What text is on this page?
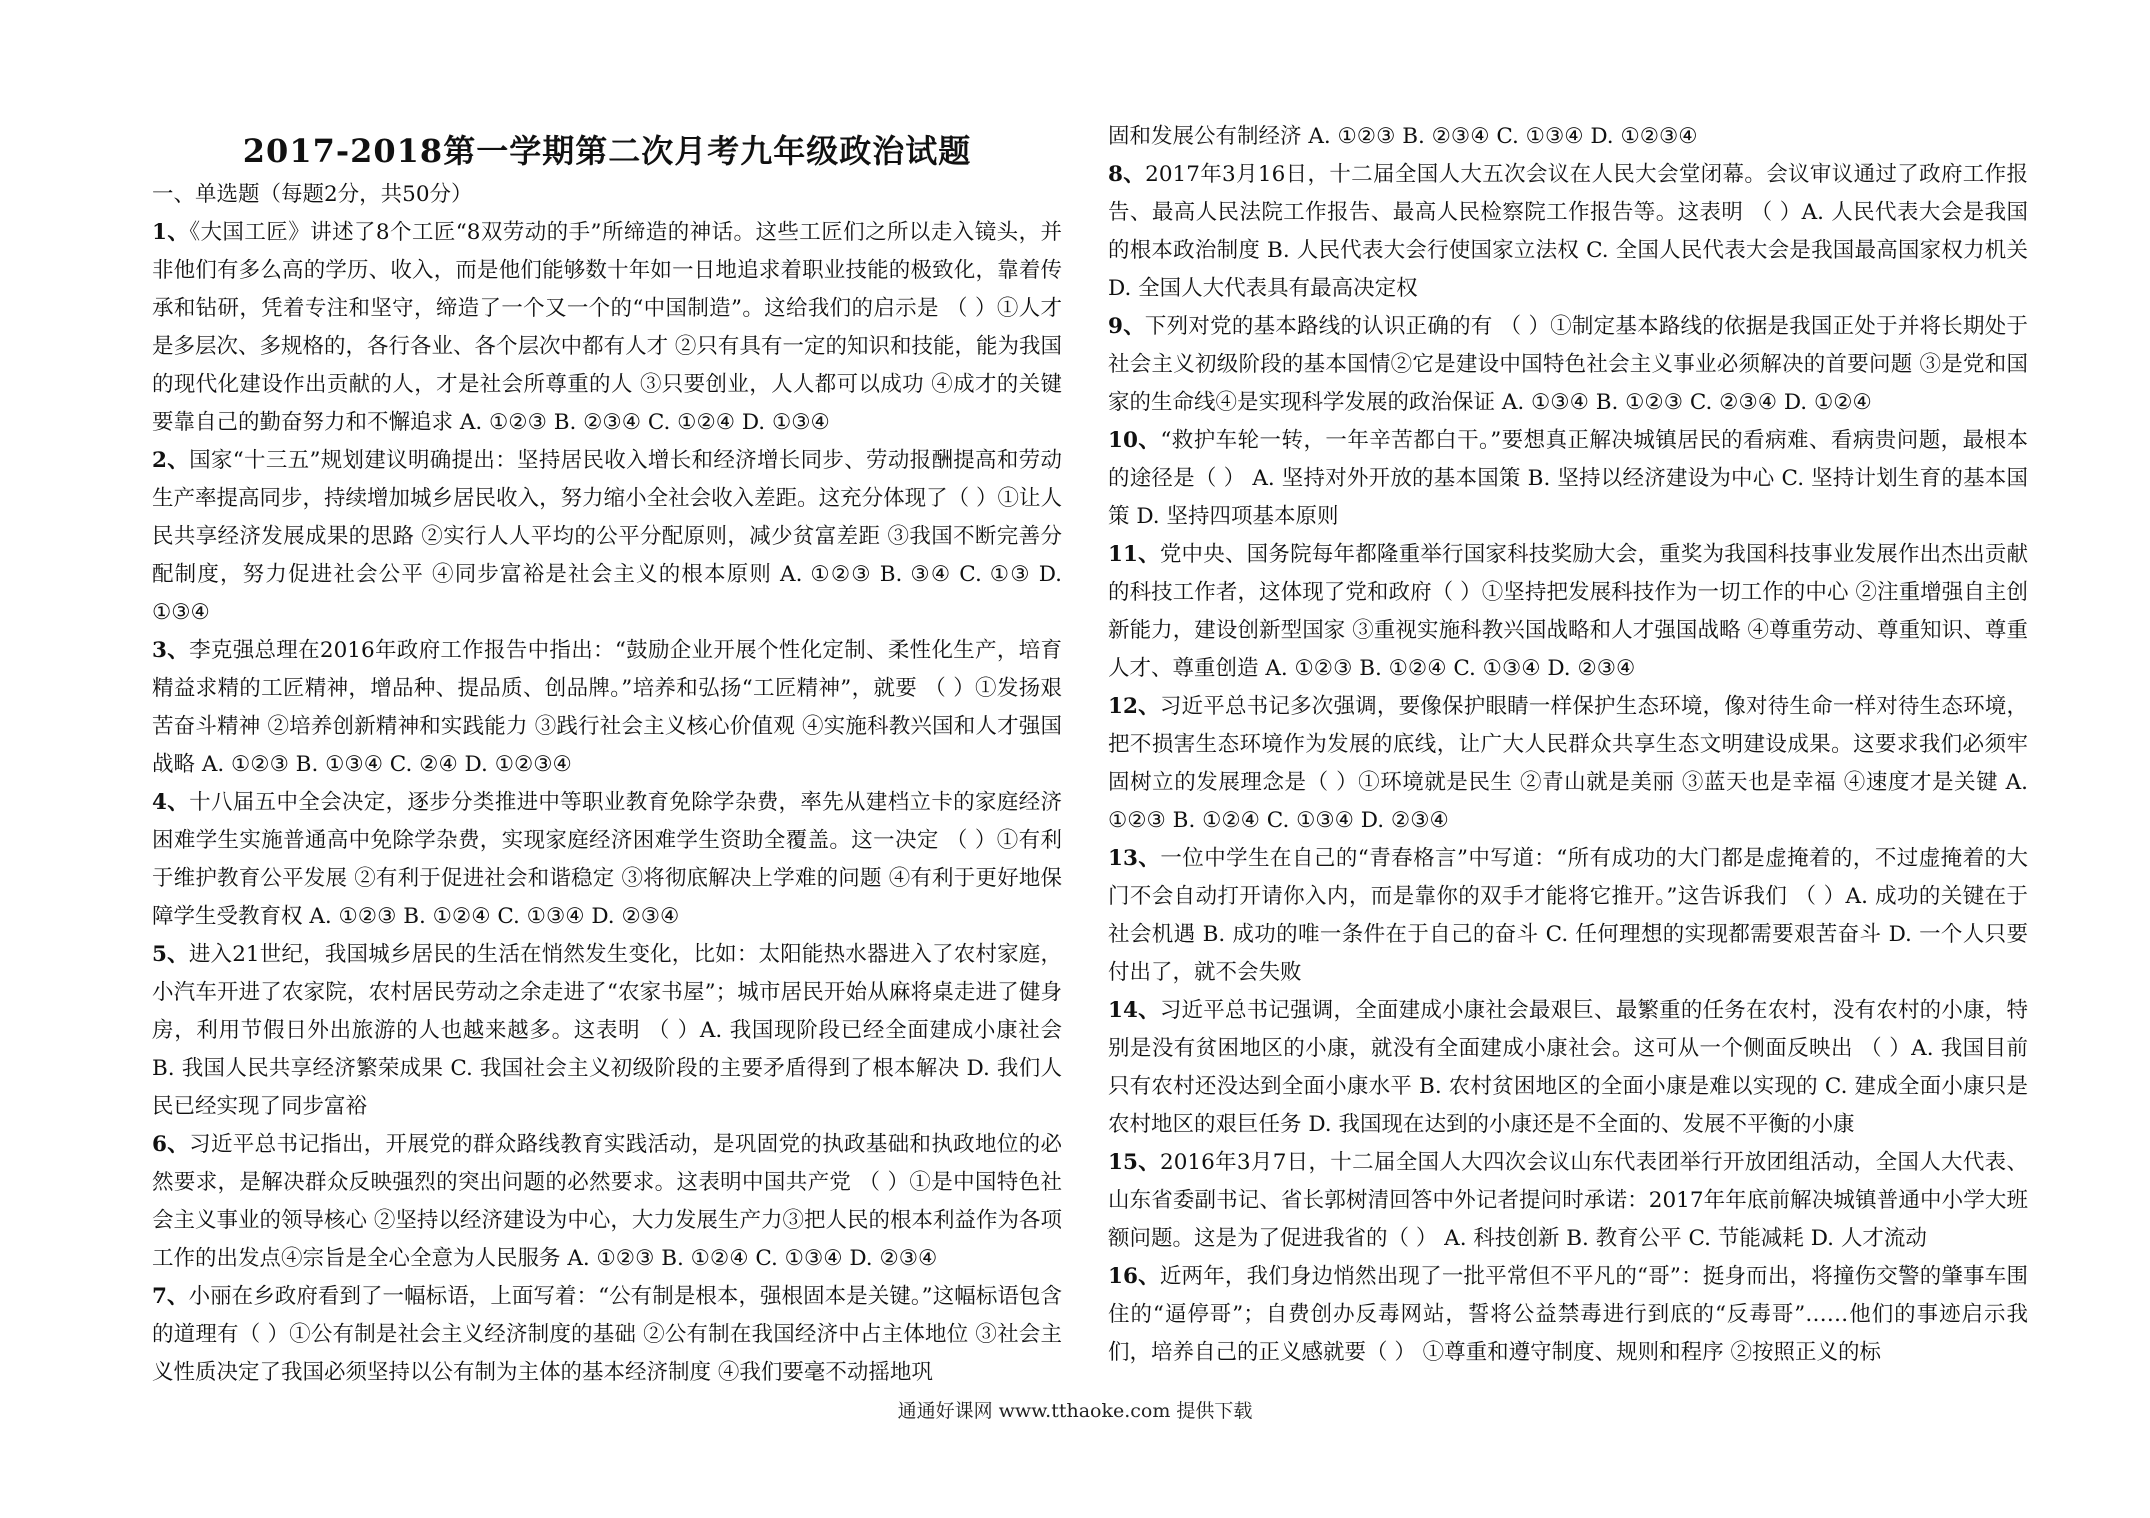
2017-2018第一学期第二次月考九年级政治试题
一、单选题（每题2分，共50分）

1、《大国工匠》讲述了8个工匠“8双劳动的手”所缔造的神话。这些工匠们之所以走入镜头，并非他们有多么高的学历、收入，而是他们能够数十年如一日地追求着职业技能的极致化，靠着传承和钻研，凭着专注和坚守，缔造了一个又一个的“中国制造”。这给我们的启示是 （ ）①人才是多层次、多规格的，各行各业、各个层次中都有人才 ②只有具有一定的知识和技能，能为我国的现代化建设作出贡献的人，才是社会所尊重的人 ③只要创业，人人都可以成功 ④成才的关键要靠自己的勤奋努力和不懈追求 A. ①②③ B. ②③④ C. ①②④ D. ①③④

2、国家“十三五”规划建议明确提出：坚持居民收入增长和经济增长同步、劳动报酬提高和劳动生产率提高同步，持续增加城乡居民收入，努力缩小全社会收入差距。这充分体现了（ ）①让人民共享经济发展成果的思路 ②实行人人平均的公平分配原则，减少贫富差距 ③我国不断完善分配制度，努力促进社会公平 ④同步富裕是社会主义的根本原则 A. ①②③ B. ③④ C. ①③ D. ①③④

3、李克强总理在2016年政府工作报告中指出：“鼓励企业开展个性化定制、柔性化生产，培育精益求精的工匠精神，增品种、提品质、创品牌。”培养和弘扬“工匠精神”，就要 （ ）①发扬艰苦奋斗精神 ②培养创新精神和实践能力 ③践行社会主义核心价值观 ④实施科教兴国和人才强国战略 A. ①②③ B. ①③④ C. ②④ D. ①②③④

4、十八届五中全会决定，逐步分类推进中等职业教育免除学杂费，率先从建档立卡的家庭经济困难学生实施普通高中免除学杂费，实现家庭经济困难学生资助全覆盖。这一决定 （ ）①有利于维护教育公平发展 ②有利于促进社会和谐稳定 ③将彻底解决上学难的问题 ④有利于更好地保障学生受教育权 A. ①②③ B. ①②④ C. ①③④ D. ②③④

5、进入21世纪，我国城乡居民的生活在悄然发生变化，比如：太阳能热水器进入了农村家庭，小汽车开进了农家院，农村居民劳动之余走进了“农家书屋”；城市居民开始从麻将桌走进了健身房，利用节假日外出旅游的人也越来越多。这表明 （ ）A. 我国现阶段已经全面建成小康社会 B. 我国人民共享经济繁荣成果 C. 我国社会主义初级阶段的主要矛盾得到了根本解决 D. 我们人民已经实现了同步富裕

6、习近平总书记指出，开展党的群众路线教育实践活动，是巩固党的执政基础和执政地位的必然要求，是解决群众反映强烈的突出问题的必然要求。这表明中国共产党 （ ）①是中国特色社会主义事业的领导核心 ②坚持以经济建设为中心，大力发展生产力③把人民的根本利益作为各项工作的出发点④宗旨是全心全意为人民服务 A. ①②③ B. ①②④ C. ①③④ D. ②③④

7、小丽在乡政府看到了一幅标语，上面写着：“公有制是根本，强根固本是关键。”这幅标语包含的道理有（ ）①公有制是社会主义经济制度的基础 ②公有制在我国经济中占主体地位 ③社会主义性质决定了我国必须坚持以公有制为主体的基本经济制度 ④我们要毫不动摇地巩

固和发展公有制经济 A. ①②③ B. ②③④ C. ①③④ D. ①②③④

8、2017年3月16日，十二届全国人大五次会议在人民大会堂闭幕。会议审议通过了政府工作报告、最高人民法院工作报告、最高人民检察院工作报告等。这表明 （ ）A. 人民代表大会是我国的根本政治制度 B. 人民代表大会行使国家立法权 C. 全国人民代表大会是我国最高国家权力机关 D. 全国人大代表具有最高决定权

9、下列对党的基本路线的认识正确的有 （ ）①制定基本路线的依据是我国正处于并将长期处于社会主义初级阶段的基本国情②它是建设中国特色社会主义事业必须解决的首要问题 ③是党和国家的生命线④是实现科学发展的政治保证 A. ①③④ B. ①②③ C. ②③④ D. ①②④

10、“救护车轮一转，一年辛苦都白干。”要想真正解决城镇居民的看病难、看病贵问题，最根本的途径是（ ） A. 坚持对外开放的基本国策 B. 坚持以经济建设为中心 C. 坚持计划生育的基本国策 D. 坚持四项基本原则

11、党中央、国务院每年都隆重举行国家科技奖励大会，重奖为我国科技事业发展作出杰出贡献的科技工作者，这体现了党和政府（ ）①坚持把发展科技作为一切工作的中心 ②注重增强自主创新能力，建设创新型国家 ③重视实施科教兴国战略和人才强国战略 ④尊重劳动、尊重知识、尊重人才、尊重创造 A. ①②③ B. ①②④ C. ①③④ D. ②③④

12、习近平总书记多次强调，要像保护眼睛一样保护生态环境，像对待生命一样对待生态环境，把不损害生态环境作为发展的底线，让广大人民群众共享生态文明建设成果。这要求我们必须牢固树立的发展理念是（ ）①环境就是民生 ②青山就是美丽 ③蓝天也是幸福 ④速度才是关键 A. ①②③ B. ①②④ C. ①③④ D. ②③④

13、一位中学生在自己的“青春格言”中写道：“所有成功的大门都是虚掩着的，不过虚掩着的大门不会自动打开请你入内，而是靠你的双手才能将它推开。”这告诉我们 （ ）A. 成功的关键在于社会机遇 B. 成功的唯一条件在于自己的奋斗 C. 任何理想的实现都需要艰苦奋斗 D. 一个人只要付出了，就不会失败

14、习近平总书记强调，全面建成小康社会最艰巨、最繁重的任务在农村，没有农村的小康，特别是没有贫困地区的小康，就没有全面建成小康社会。这可从一个侧面反映出 （ ）A. 我国目前只有农村还没达到全面小康水平 B. 农村贫困地区的全面小康是难以实现的 C. 建成全面小康只是农村地区的艰巨任务 D. 我国现在达到的小康还是不全面的、发展不平衡的小康

15、2016年3月7日，十二届全国人大四次会议山东代表团举行开放团组活动，全国人大代表、山东省委副书记、省长郭树清回答中外记者提问时承诺：2017年年底前解决城镇普通中小学大班额问题。这是为了促进我省的（ ） A. 科技创新 B. 教育公平 C. 节能减耗 D. 人才流动

16、近两年，我们身边悄然出现了一批平常但不平凡的“哥”：挺身而出，将撞伤交警的肇事车围住的“逼停哥”；自费创办反毒网站，誓将公益禁毒进行到底的“反毒哥”……他们的事迹启示我们，培养自己的正义感就要（ ） ①尊重和遵守制度、规则和程序 ②按照正义的标

通通好课网 www.tthaoke.com 提供下载
